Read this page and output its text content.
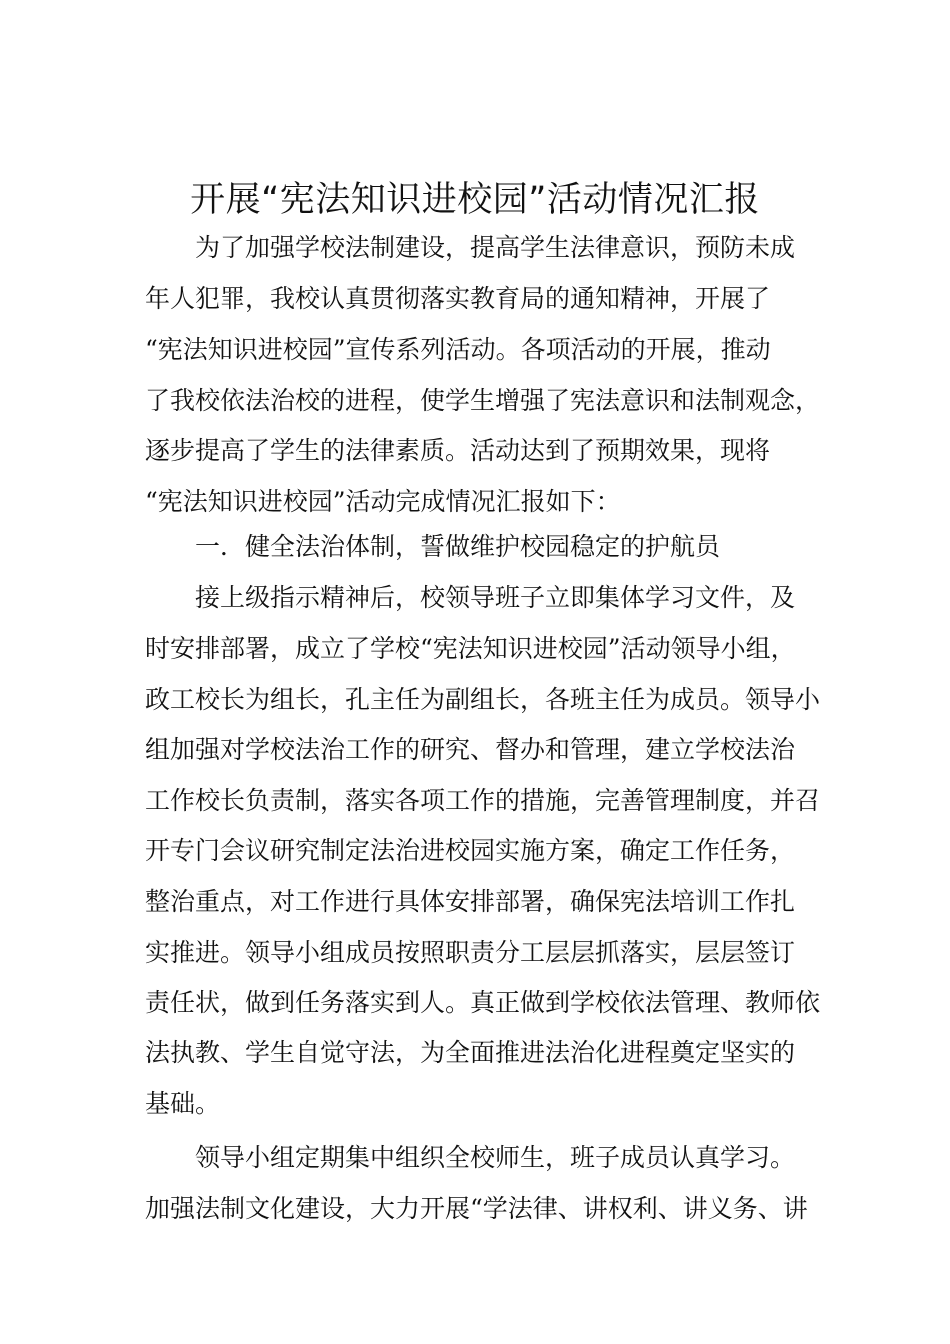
开展“宪法知识进校园”活动情况汇报

为了加强学校法制建设，提高学生法律意识，预防未成

年人犯罪，我校认真贯彻落实教育局的通知精神，开展了

“宪法知识进校园”宣传系列活动。各项活动的开展，推动

了我校依法治校的进程，使学生增强了宪法意识和法制观念，

逐步提高了学生的法律素质。活动达到了预期效果，现将

“宪法知识进校园”活动完成情况汇报如下：

一．健全法治体制，誓做维护校园稳定的护航员

接上级指示精神后，校领导班子立即集体学习文件，及

时安排部署，成立了学校“宪法知识进校园”活动领导小组，

政工校长为组长，孔主任为副组长，各班主任为成员。领导小

组加强对学校法治工作的研究、督办和管理，建立学校法治

工作校长负责制，落实各项工作的措施，完善管理制度，并召

开专门会议研究制定法治进校园实施方案，确定工作任务，

整治重点，对工作进行具体安排部署，确保宪法培训工作扎

实推进。领导小组成员按照职责分工层层抓落实，层层签订

责任状，做到任务落实到人。真正做到学校依法管理、教师依

法执教、学生自觉守法，为全面推进法治化进程奠定坚实的

基础。

领导小组定期集中组织全校师生，班子成员认真学习。

加强法制文化建设，大力开展“学法律、讲权利、讲义务、讲
